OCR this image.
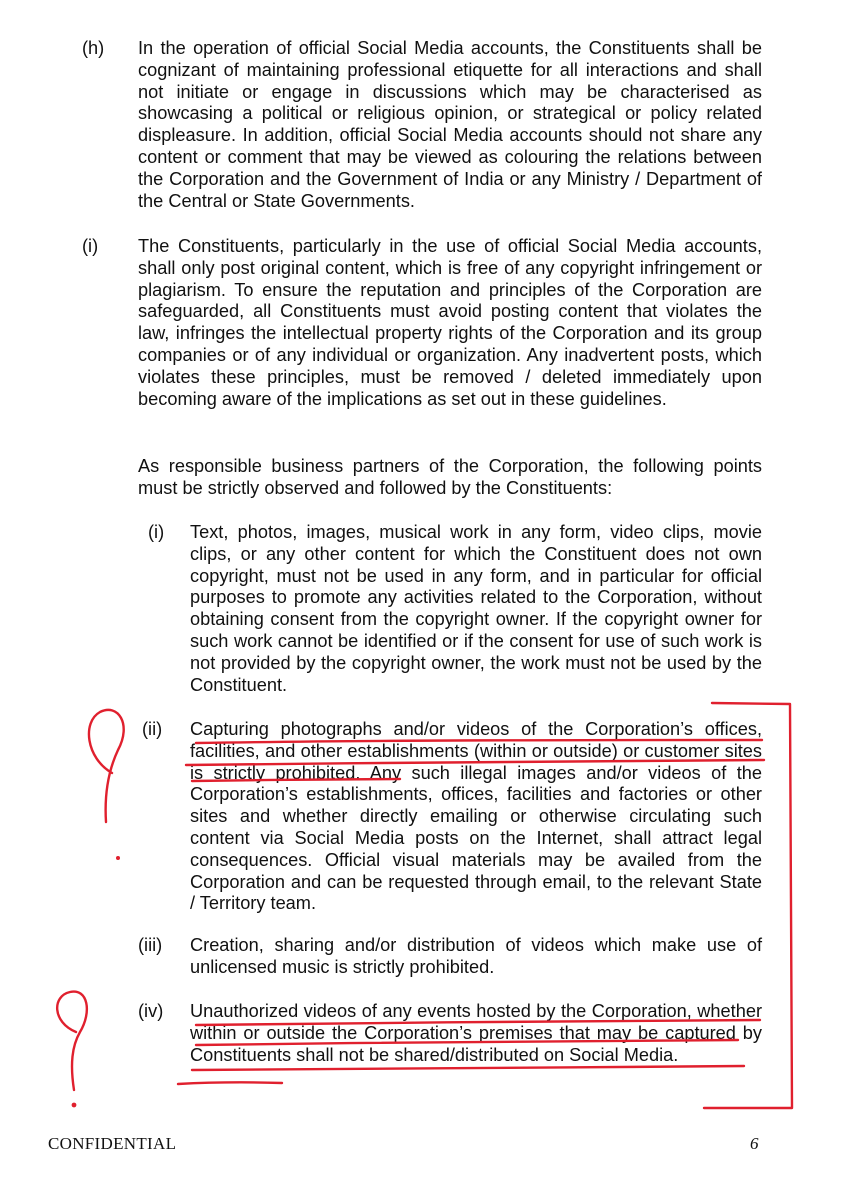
(h) In the operation of official Social Media accounts, the Constituents shall be cognizant of maintaining professional etiquette for all interactions and shall not initiate or engage in discussions which may be characterised as showcasing a political or religious opinion, or strategical or policy related displeasure. In addition, official Social Media accounts should not share any content or comment that may be viewed as colouring the relations between the Corporation and the Government of India or any Ministry / Department of the Central or State Governments.
(i) The Constituents, particularly in the use of official Social Media accounts, shall only post original content, which is free of any copyright infringement or plagiarism. To ensure the reputation and principles of the Corporation are safeguarded, all Constituents must avoid posting content that violates the law, infringes the intellectual property rights of the Corporation and its group companies or of any individual or organization. Any inadvertent posts, which violates these principles, must be removed / deleted immediately upon becoming aware of the implications as set out in these guidelines.
As responsible business partners of the Corporation, the following points must be strictly observed and followed by the Constituents:
(i) Text, photos, images, musical work in any form, video clips, movie clips, or any other content for which the Constituent does not own copyright, must not be used in any form, and in particular for official purposes to promote any activities related to the Corporation, without obtaining consent from the copyright owner. If the copyright owner for such work cannot be identified or if the consent for use of such work is not provided by the copyright owner, the work must not be used by the Constituent.
(ii) Capturing photographs and/or videos of the Corporation’s offices, facilities, and other establishments (within or outside) or customer sites is strictly prohibited. Any such illegal images and/or videos of the Corporation’s establishments, offices, facilities and factories or other sites and whether directly emailing or otherwise circulating such content via Social Media posts on the Internet, shall attract legal consequences. Official visual materials may be availed from the Corporation and can be requested through email, to the relevant State / Territory team.
(iii) Creation, sharing and/or distribution of videos which make use of unlicensed music is strictly prohibited.
(iv) Unauthorized videos of any events hosted by the Corporation, whether within or outside the Corporation’s premises that may be captured by Constituents shall not be shared/distributed on Social Media.
CONFIDENTIAL	6
